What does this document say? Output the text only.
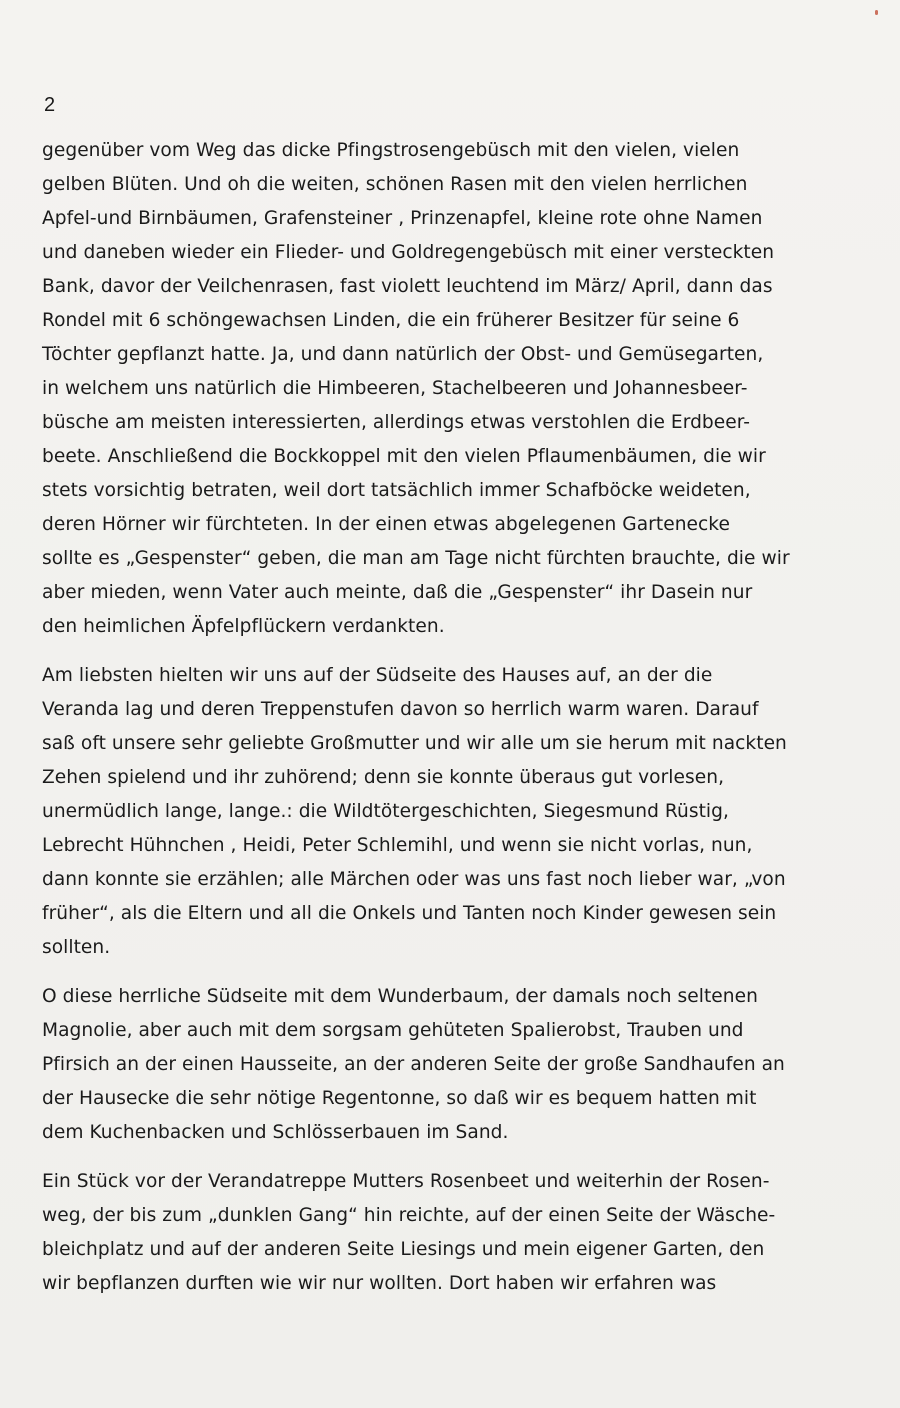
2

gegenüber vom Weg das dicke Pfingstrosengebüsch mit den vielen, vielen
gelben Blüten. Und oh die weiten, schönen Rasen mit den vielen herrlichen
Apfel-und Birnbäumen, Grafensteiner , Prinzenapfel, kleine rote ohne Namen
und daneben wieder ein Flieder- und Goldregengebüsch mit einer versteckten
Bank, davor der Veilchenrasen, fast violett leuchtend im März/ April, dann das
Rondel mit 6 schöngewachsen Linden, die ein früherer Besitzer für seine 6
Töchter gepflanzt hatte. Ja, und dann natürlich der Obst- und Gemüsegarten,
in welchem uns natürlich die Himbeeren, Stachelbeeren und Johannesbeer-
büsche am meisten interessierten, allerdings etwas verstohlen die Erdbeer-
beete. Anschließend die Bockkoppel mit den vielen Pflaumenbäumen, die wir
stets vorsichtig betraten, weil dort tatsächlich immer Schafböcke weideten,
deren Hörner wir fürchteten. In der einen etwas abgelegenen Gartenecke
sollte es „Gespenster“ geben, die man am Tage nicht fürchten brauchte, die wir
aber mieden, wenn Vater auch meinte, daß die „Gespenster“ ihr Dasein nur
den heimlichen Äpfelpflückern verdankten.
Am liebsten hielten wir uns auf der Südseite des Hauses auf, an der die
Veranda lag und deren Treppenstufen davon so herrlich warm waren. Darauf
saß oft unsere sehr geliebte Großmutter und wir alle um sie herum mit nackten
Zehen spielend und ihr zuhörend; denn sie konnte überaus gut vorlesen,
unermüdlich lange, lange.: die Wildtötergeschichten, Siegesmund Rüstig,
Lebrecht Hühnchen , Heidi, Peter Schlemihl, und wenn sie nicht vorlas, nun,
dann konnte sie erzählen; alle Märchen oder was uns fast noch lieber war, „von
früher“, als die Eltern und all die Onkels und Tanten noch Kinder gewesen sein
sollten.
O diese herrliche Südseite mit dem Wunderbaum, der damals noch seltenen
Magnolie, aber auch mit dem sorgsam gehüteten Spalierobst, Trauben und
Pfirsich an der einen Hausseite, an der anderen Seite der große Sandhaufen an
der Hausecke die sehr nötige Regentonne, so daß wir es bequem hatten mit
dem Kuchenbacken und Schlösserbauen im Sand.
Ein Stück vor der Verandatreppe Mutters Rosenbeet und weiterhin der Rosen-
weg, der bis zum „dunklen Gang“ hin reichte, auf der einen Seite der Wäsche-
bleichplatz und auf der anderen Seite Liesings und mein eigener Garten, den
wir bepflanzen durften wie wir nur wollten. Dort haben wir erfahren was
